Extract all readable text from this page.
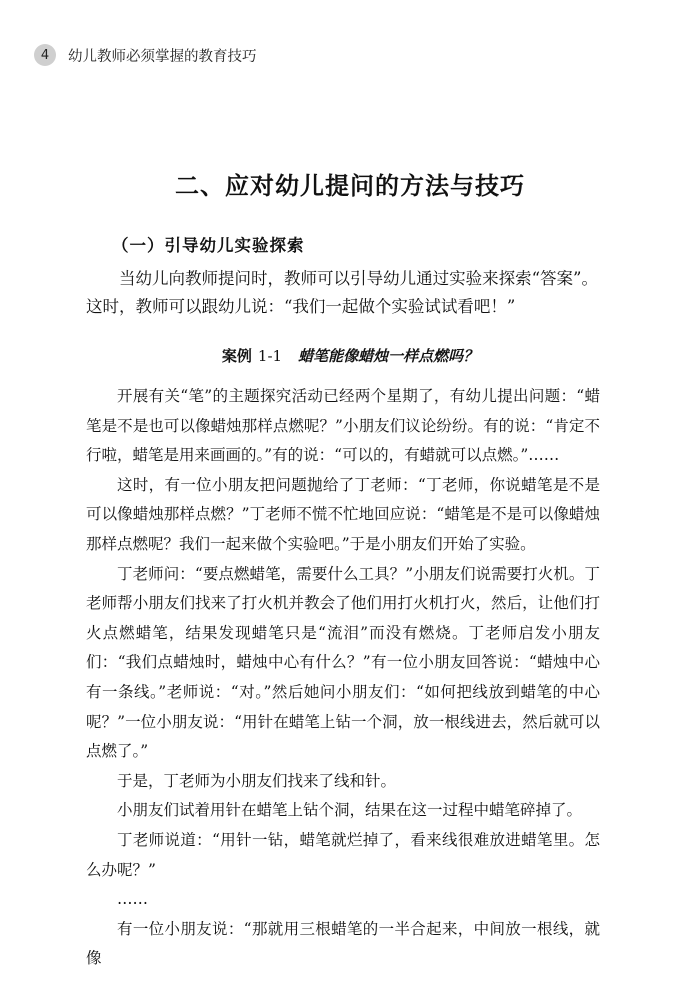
4	幼儿教师必须掌握的教育技巧
二、应对幼儿提问的方法与技巧
（一）引导幼儿实验探索

当幼儿向教师提问时，教师可以引导幼儿通过实验来探索“答案”。这时，教师可以跟幼儿说：“我们一起做个实验试试看吧！”

案例 1-1 蜡笔能像蜡烛一样点燃吗？

开展有关“笔”的主题探究活动已经两个星期了，有幼儿提出问题：“蜡笔是不是也可以像蜡烛那样点燃呢？”小朋友们议论纷纷。有的说：“肯定不行啦，蜡笔是用来画画的。”有的说：“可以的，有蜡就可以点燃。”……

这时，有一位小朋友把问题抛给了丁老师：“丁老师，你说蜡笔是不是可以像蜡烛那样点燃？”丁老师不慌不忙地回应说：“蜡笔是不是可以像蜡烛那样点燃呢？我们一起来做个实验吧。”于是小朋友们开始了实验。

丁老师问：“要点燃蜡笔，需要什么工具？”小朋友们说需要打火机。丁老师帮小朋友们找来了打火机并教会了他们用打火机打火，然后，让他们打火点燃蜡笔，结果发现蜡笔只是“流泪”而没有燃烧。丁老师启发小朋友们：“我们点蜡烛时，蜡烛中心有什么？”有一位小朋友回答说：“蜡烛中心有一条线。”老师说：“对。”然后她问小朋友们：“如何把线放到蜡笔的中心呢？”一位小朋友说：“用针在蜡笔上钻一个洞，放一根线进去，然后就可以点燃了。”

于是，丁老师为小朋友们找来了线和针。

小朋友们试着用针在蜡笔上钻个洞，结果在这一过程中蜡笔碎掉了。

丁老师说道：“用针一钻，蜡笔就烂掉了，看来线很难放进蜡笔里。怎么办呢？”

……

有一位小朋友说：“那就用三根蜡笔的一半合起来，中间放一根线，就像
